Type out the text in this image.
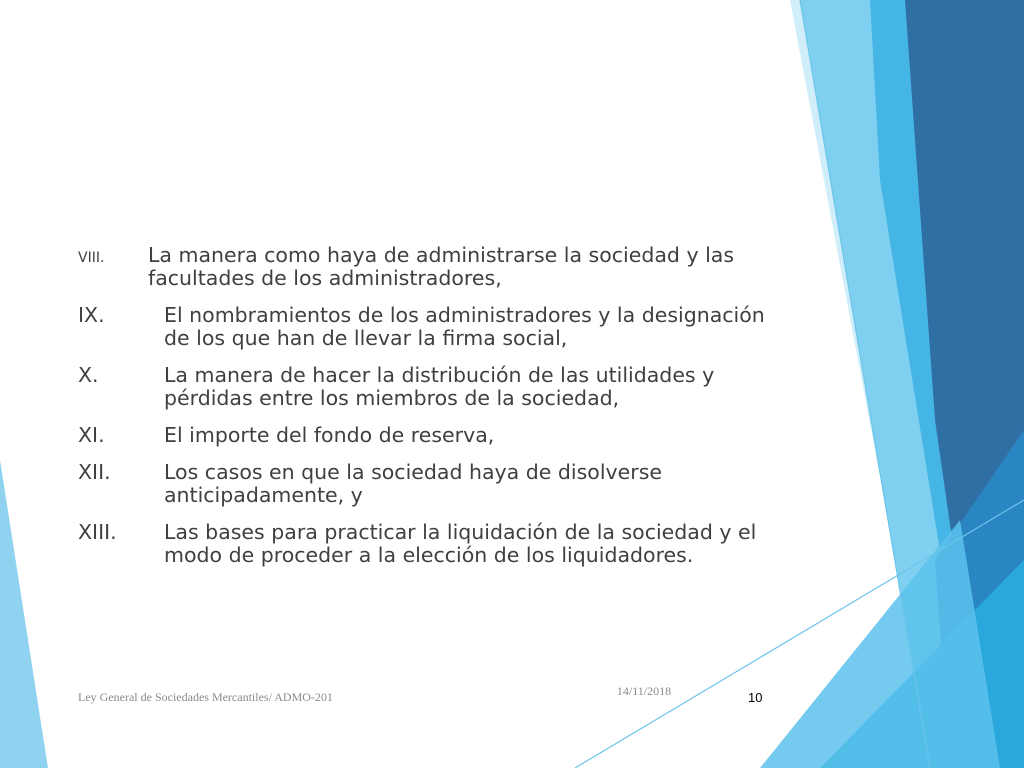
VIII. La manera como haya de administrarse la sociedad y las facultades de los administradores,
IX.	El nombramientos de los administradores y la designación de los que han de llevar la firma social,
X.	La manera de hacer la distribución de las utilidades y pérdidas entre los miembros de la sociedad,
XI.	El importe del fondo de reserva,
XII.	Los casos en que la sociedad haya de disolverse anticipadamente, y
XIII. Las bases para practicar la liquidación de la sociedad y el modo de proceder a la elección de los liquidadores.
Ley General de Sociedades Mercantiles/ ADMO-201	14/11/2018	10
